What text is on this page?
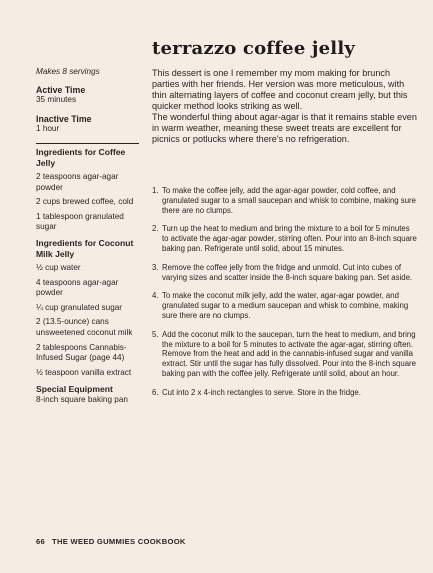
terrazzo coffee jelly
Makes 8 servings
Active Time
35 minutes
Inactive Time
1 hour
Ingredients for Coffee Jelly
2 teaspoons agar-agar powder
2 cups brewed coffee, cold
1 tablespoon granulated sugar
Ingredients for Coconut Milk Jelly
½ cup water
4 teaspoons agar-agar powder
¼ cup granulated sugar
2 (13.5-ounce) cans unsweetened coconut milk
2 tablespoons Cannabis-Infused Sugar (page 44)
½ teaspoon vanilla extract
Special Equipment
8-inch square baking pan

This dessert is one I remember my mom making for brunch parties with her friends. Her version was more meticulous, with thin alternating layers of coffee and coconut cream jelly, but this quicker method looks striking as well.

The wonderful thing about agar-agar is that it remains stable even in warm weather, meaning these sweet treats are excellent for picnics or potlucks where there's no refrigeration.

1. To make the coffee jelly, add the agar-agar powder, cold coffee, and granulated sugar to a small saucepan and whisk to combine, making sure there are no clumps.
2. Turn up the heat to medium and bring the mixture to a boil for 5 minutes to activate the agar-agar powder, stirring often. Pour into an 8-inch square baking pan. Refrigerate until solid, about 15 minutes.
3. Remove the coffee jelly from the fridge and unmold. Cut into cubes of varying sizes and scatter inside the 8-inch square baking pan. Set aside.
4. To make the coconut milk jelly, add the water, agar-agar powder, and granulated sugar to a medium saucepan and whisk to combine, making sure there are no clumps.
5. Add the coconut milk to the saucepan, turn the heat to medium, and bring the mixture to a boil for 5 minutes to activate the agar-agar, stirring often. Remove from the heat and add in the cannabis-infused sugar and vanilla extract. Stir until the sugar has fully dissolved. Pour into the 8-inch square baking pan with the coffee jelly. Refrigerate until solid, about an hour.
6. Cut into 2 x 4-inch rectangles to serve. Store in the fridge.
66 THE WEED GUMMIES COOKBOOK
